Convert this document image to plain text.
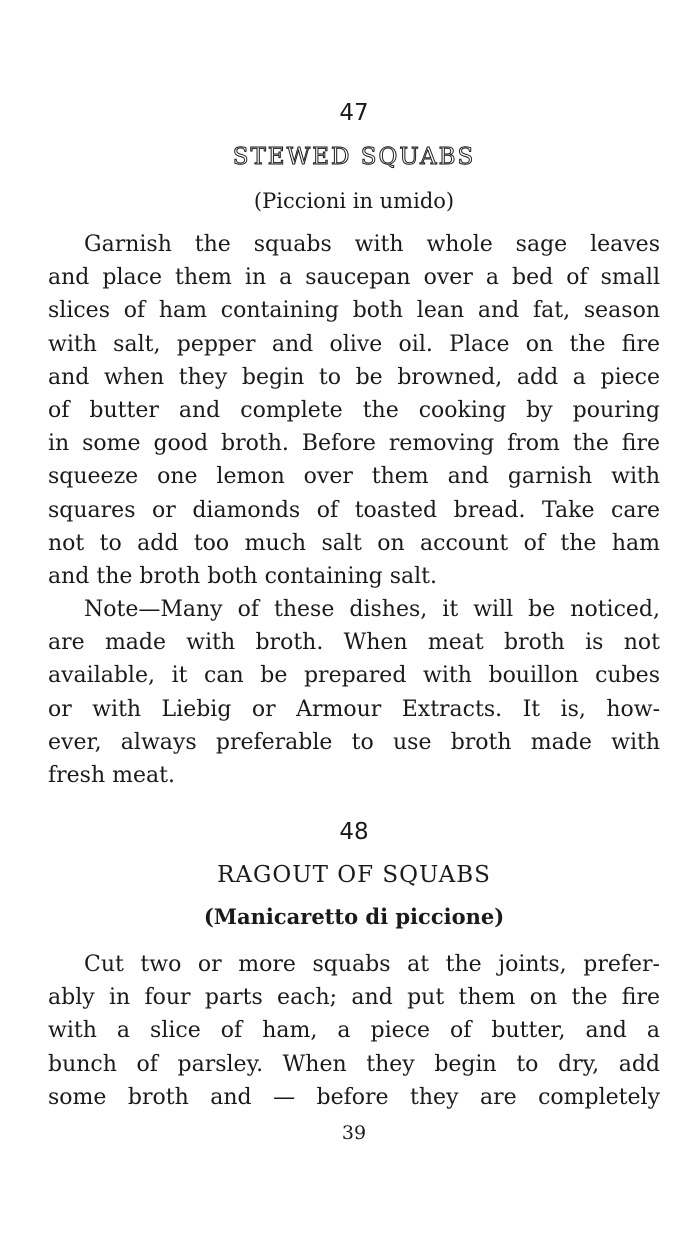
47
STEWED SQUABS
(Piccioni in umido)
Garnish the squabs with whole sage leaves
and place them in a saucepan over a bed of small
slices of ham containing both lean and fat, season
with salt, pepper and olive oil. Place on the fire
and when they begin to be browned, add a piece
of butter and complete the cooking by pouring
in some good broth. Before removing from the fire
squeeze one lemon over them and garnish with
squares or diamonds of toasted bread. Take care
not to add too much salt on account of the ham
and the broth both containing salt.
Note—Many of these dishes, it will be noticed,
are made with broth. When meat broth is not
available, it can be prepared with bouillon cubes
or with Liebig or Armour Extracts. It is, how-
ever, always preferable to use broth made with
fresh meat.
48
RAGOUT OF SQUABS
(Manicaretto di piccione)
Cut two or more squabs at the joints, prefer-
ably in four parts each; and put them on the fire
with a slice of ham, a piece of butter, and a
bunch of parsley. When they begin to dry, add
some broth and — before they are completely
39
